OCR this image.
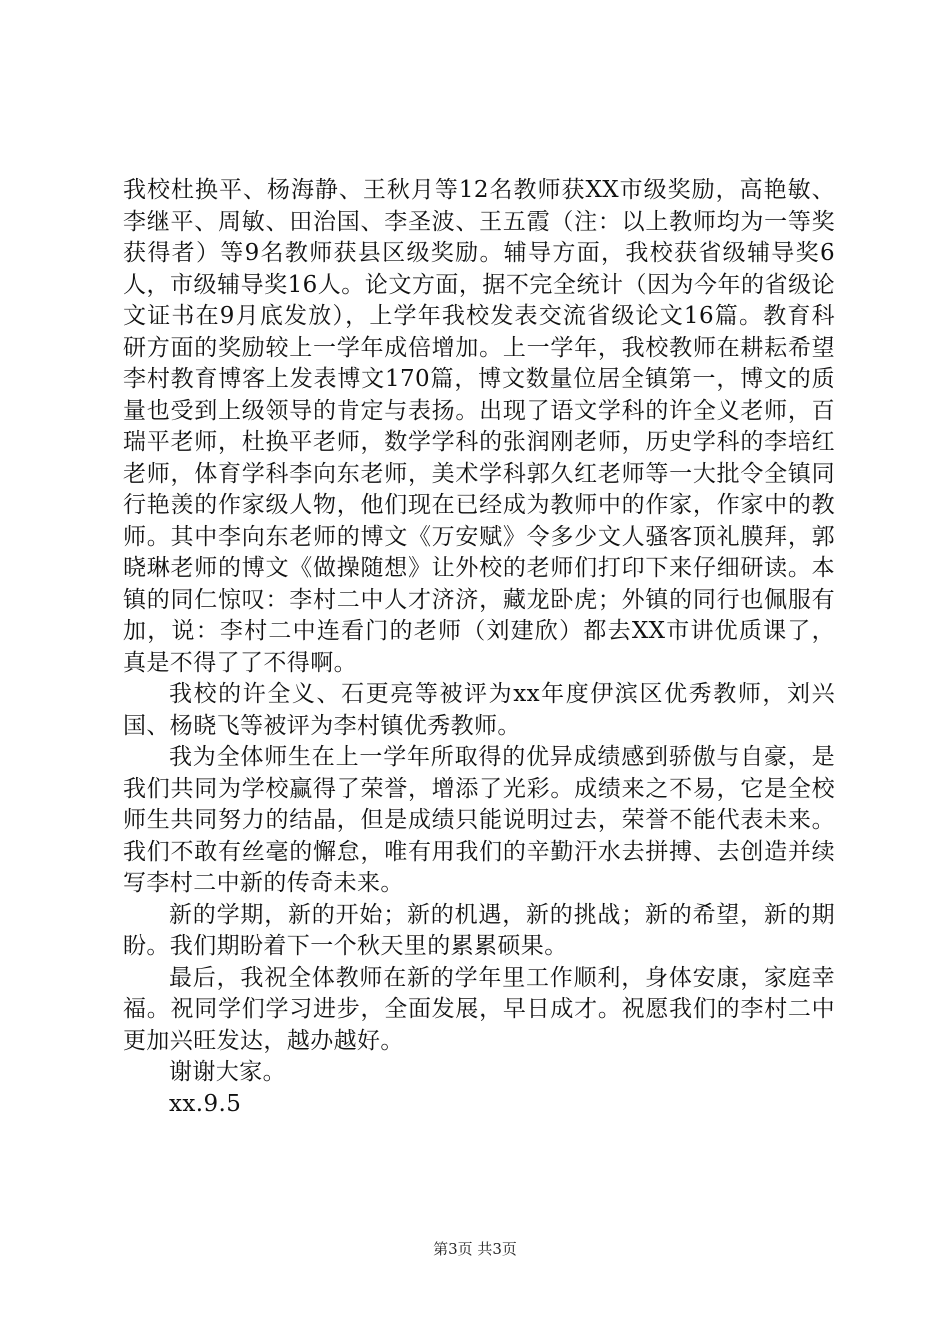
我校杜换平、杨海静、王秋月等12名教师获XX市级奖励，高艳敏、李继平、周敏、田治国、李圣波、王五霞（注：以上教师均为一等奖获得者）等9名教师获县区级奖励。辅导方面，我校获省级辅导奖6人，市级辅导奖16人。论文方面，据不完全统计（因为今年的省级论文证书在9月底发放），上学年我校发表交流省级论文16篇。教育科研方面的奖励较上一学年成倍增加。上一学年，我校教师在耕耘希望李村教育博客上发表博文170篇，博文数量位居全镇第一，博文的质量也受到上级领导的肯定与表扬。出现了语文学科的许全义老师，百瑞平老师，杜换平老师，数学学科的张润刚老师，历史学科的李培红老师，体育学科李向东老师，美术学科郭久红老师等一大批令全镇同行艳羡的作家级人物，他们现在已经成为教师中的作家，作家中的教师。其中李向东老师的博文《万安赋》令多少文人骚客顶礼膜拜，郭晓琳老师的博文《做操随想》让外校的老师们打印下来仔细研读。本镇的同仁惊叹：李村二中人才济济，藏龙卧虎；外镇的同行也佩服有加，说：李村二中连看门的老师（刘建欣）都去XX市讲优质课了，真是不得了了不得啊。

我校的许全义、石更亮等被评为xx年度伊滨区优秀教师，刘兴国、杨晓飞等被评为李村镇优秀教师。

我为全体师生在上一学年所取得的优异成绩感到骄傲与自豪，是我们共同为学校赢得了荣誉，增添了光彩。成绩来之不易，它是全校师生共同努力的结晶，但是成绩只能说明过去，荣誉不能代表未来。我们不敢有丝毫的懈怠，唯有用我们的辛勤汗水去拼搏、去创造并续写李村二中新的传奇未来。

新的学期，新的开始；新的机遇，新的挑战；新的希望，新的期盼。我们期盼着下一个秋天里的累累硕果。

最后，我祝全体教师在新的学年里工作顺利，身体安康，家庭幸福。祝同学们学习进步，全面发展，早日成才。祝愿我们的李村二中更加兴旺发达，越办越好。

谢谢大家。

xx.9.5

第3页 共3页
